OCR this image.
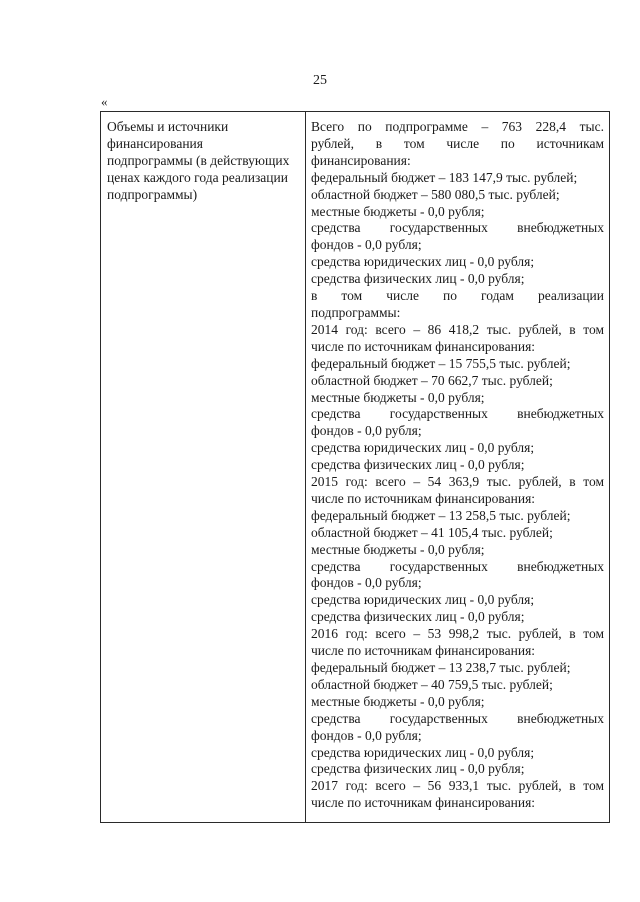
25
«
Объемы и источники
финансирования
подпрограммы (в действующих
ценах каждого года реализации
подпрограммы)
Всего по подпрограмме – 763 228,4 тыс.
рублей, в том числе по источникам
финансирования:
федеральный бюджет – 183 147,9 тыс. рублей;
областной бюджет – 580 080,5 тыс. рублей;
местные бюджеты - 0,0 рубля;
средства государственных внебюджетных
фондов - 0,0 рубля;
средства юридических лиц - 0,0 рубля;
средства физических лиц - 0,0 рубля;
в том числе по годам реализации
подпрограммы:
2014 год: всего – 86 418,2 тыс. рублей, в том
числе по источникам финансирования:
федеральный бюджет – 15 755,5 тыс. рублей;
областной бюджет – 70 662,7 тыс. рублей;
местные бюджеты - 0,0 рубля;
средства государственных внебюджетных
фондов - 0,0 рубля;
средства юридических лиц - 0,0 рубля;
средства физических лиц - 0,0 рубля;
2015 год: всего – 54 363,9 тыс. рублей, в том
числе по источникам финансирования:
федеральный бюджет – 13 258,5 тыс. рублей;
областной бюджет – 41 105,4 тыс. рублей;
местные бюджеты - 0,0 рубля;
средства государственных внебюджетных
фондов - 0,0 рубля;
средства юридических лиц - 0,0 рубля;
средства физических лиц - 0,0 рубля;
2016 год: всего – 53 998,2 тыс. рублей, в том
числе по источникам финансирования:
федеральный бюджет – 13 238,7 тыс. рублей;
областной бюджет – 40 759,5 тыс. рублей;
местные бюджеты - 0,0 рубля;
средства государственных внебюджетных
фондов - 0,0 рубля;
средства юридических лиц - 0,0 рубля;
средства физических лиц - 0,0 рубля;
2017 год: всего – 56 933,1 тыс. рублей, в том
числе по источникам финансирования:
